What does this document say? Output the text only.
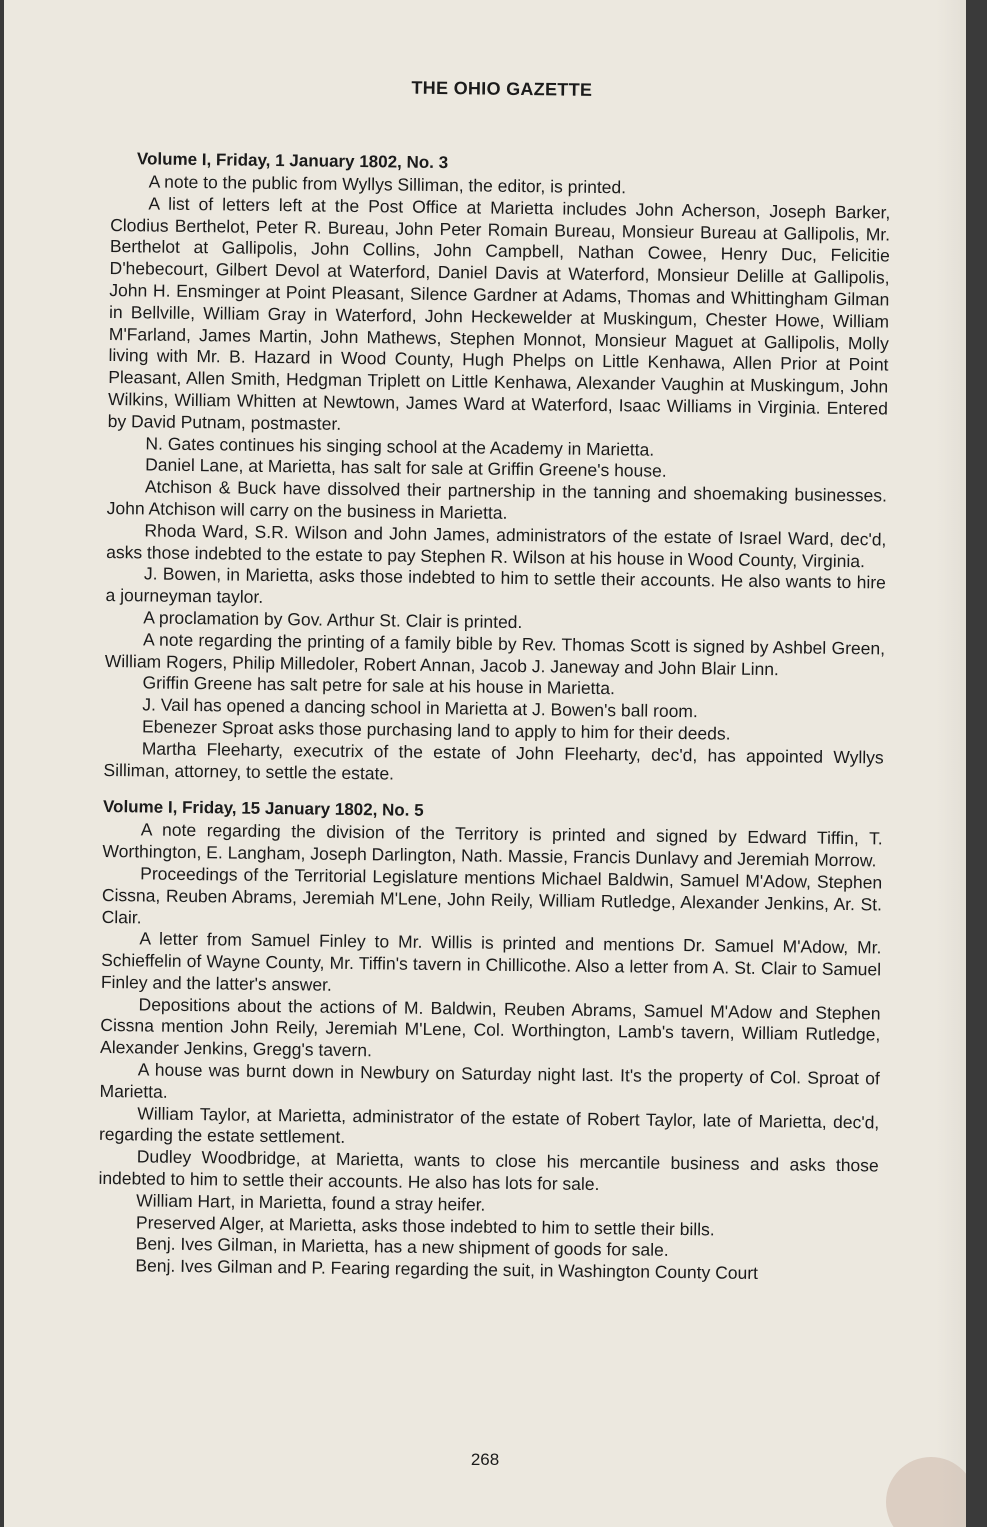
THE OHIO GAZETTE
Volume I, Friday, 1 January 1802, No. 3

A note to the public from Wyllys Silliman, the editor, is printed.

A list of letters left at the Post Office at Marietta includes John Acherson, Joseph Barker, Clodius Berthelot, Peter R. Bureau, John Peter Romain Bureau, Monsieur Bureau at Gallipolis, Mr. Berthelot at Gallipolis, John Collins, John Campbell, Nathan Cowee, Henry Duc, Felicitie D'hebecourt, Gilbert Devol at Waterford, Daniel Davis at Waterford, Monsieur Delille at Gallipolis, John H. Ensminger at Point Pleasant, Silence Gardner at Adams, Thomas and Whittingham Gilman in Bellville, William Gray in Waterford, John Heckewelder at Muskingum, Chester Howe, William M'Farland, James Martin, John Mathews, Stephen Monnot, Monsieur Maguet at Gallipolis, Molly living with Mr. B. Hazard in Wood County, Hugh Phelps on Little Kenhawa, Allen Prior at Point Pleasant, Allen Smith, Hedgman Triplett on Little Kenhawa, Alexander Vaughin at Muskingum, John Wilkins, William Whitten at Newtown, James Ward at Waterford, Isaac Williams in Virginia. Entered by David Putnam, postmaster.

N. Gates continues his singing school at the Academy in Marietta.

Daniel Lane, at Marietta, has salt for sale at Griffin Greene's house.

Atchison & Buck have dissolved their partnership in the tanning and shoemaking businesses. John Atchison will carry on the business in Marietta.

Rhoda Ward, S.R. Wilson and John James, administrators of the estate of Israel Ward, dec'd, asks those indebted to the estate to pay Stephen R. Wilson at his house in Wood County, Virginia.

J. Bowen, in Marietta, asks those indebted to him to settle their accounts. He also wants to hire a journeyman taylor.

A proclamation by Gov. Arthur St. Clair is printed.

A note regarding the printing of a family bible by Rev. Thomas Scott is signed by Ashbel Green, William Rogers, Philip Milledoler, Robert Annan, Jacob J. Janeway and John Blair Linn.

Griffin Greene has salt petre for sale at his house in Marietta.

J. Vail has opened a dancing school in Marietta at J. Bowen's ball room.

Ebenezer Sproat asks those purchasing land to apply to him for their deeds.

Martha Fleeharty, executrix of the estate of John Fleeharty, dec'd, has appointed Wyllys Silliman, attorney, to settle the estate.

Volume I, Friday, 15 January 1802, No. 5

A note regarding the division of the Territory is printed and signed by Edward Tiffin, T. Worthington, E. Langham, Joseph Darlington, Nath. Massie, Francis Dunlavy and Jeremiah Morrow.

Proceedings of the Territorial Legislature mentions Michael Baldwin, Samuel M'Adow, Stephen Cissna, Reuben Abrams, Jeremiah M'Lene, John Reily, William Rutledge, Alexander Jenkins, Ar. St. Clair.

A letter from Samuel Finley to Mr. Willis is printed and mentions Dr. Samuel M'Adow, Mr. Schieffelin of Wayne County, Mr. Tiffin's tavern in Chillicothe. Also a letter from A. St. Clair to Samuel Finley and the latter's answer.

Depositions about the actions of M. Baldwin, Reuben Abrams, Samuel M'Adow and Stephen Cissna mention John Reily, Jeremiah M'Lene, Col. Worthington, Lamb's tavern, William Rutledge, Alexander Jenkins, Gregg's tavern.

A house was burnt down in Newbury on Saturday night last. It's the property of Col. Sproat of Marietta.

William Taylor, at Marietta, administrator of the estate of Robert Taylor, late of Marietta, dec'd, regarding the estate settlement.

Dudley Woodbridge, at Marietta, wants to close his mercantile business and asks those indebted to him to settle their accounts. He also has lots for sale.

William Hart, in Marietta, found a stray heifer.

Preserved Alger, at Marietta, asks those indebted to him to settle their bills.

Benj. Ives Gilman, in Marietta, has a new shipment of goods for sale.

Benj. Ives Gilman and P. Fearing regarding the suit, in Washington County Court

268
